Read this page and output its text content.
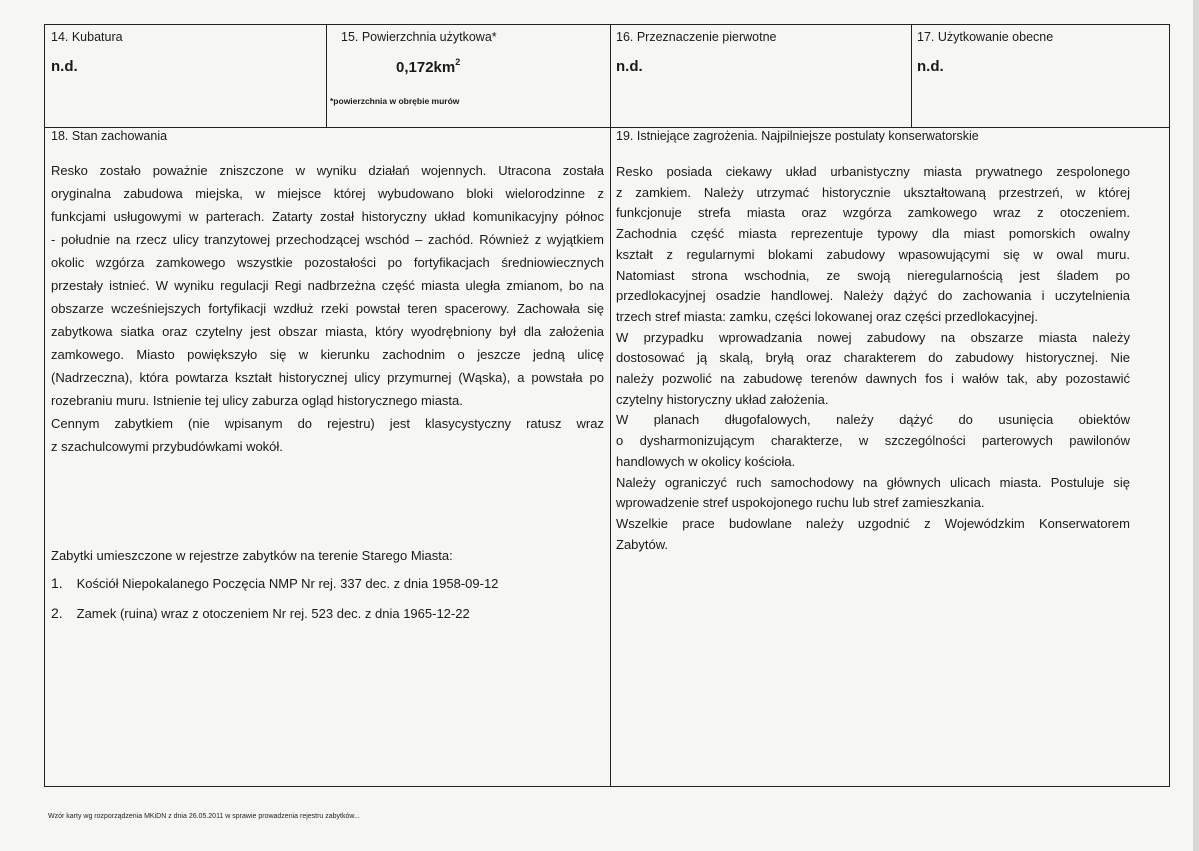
14. Kubatura
n.d.
15. Powierzchnia użytkowa*
$0,172km^2$
*powierzchnia w obrębie murów
16. Przeznaczenie pierwotne
n.d.
17. Użytkowanie obecne
n.d.
18. Stan zachowania
Resko zostało poważnie zniszczone w wyniku działań wojennych. Utracona została
oryginalna zabudowa miejska, w miejsce której wybudowano bloki wielorodzinne z
funkcjami usługowymi w parterach. Zatarty został historyczny układ komunikacyjny północ
- południe na rzecz ulicy tranzytowej przechodzącej wschód – zachód. Również z wyjątkiem
okolic wzgórza zamkowego wszystkie pozostałości po fortyfikacjach średniowiecznych
przestały istnieć. W wyniku regulacji Regi nadbrzeżna część miasta uległa zmianom, bo na
obszarze wcześniejszych fortyfikacji wzdłuż rzeki powstał teren spacerowy. Zachowała się
zabytkowa siatka oraz czytelny jest obszar miasta, który wyodrębniony był dla założenia
zamkowego. Miasto powiększyło się w kierunku zachodnim o jeszcze jedną ulicę
(Nadrzeczna), która powtarza kształt historycznej ulicy przymurnej (Wąska), a powstała po
rozebraniu muru. Istnienie tej ulicy zaburza ogląd historycznego miasta.
Cennym zabytkiem (nie wpisanym do rejestru) jest klasycystyczny ratusz wraz
z szachulcowymi przybudówkami wokół.
Zabytki umieszczone w rejestrze zabytków na terenie Starego Miasta:
1. Kościół Niepokalanego Poczęcia NMP Nr rej. 337 dec. z dnia 1958-09-12
2. Zamek (ruina) wraz z otoczeniem Nr rej. 523 dec. z dnia 1965-12-22
19. Istniejące zagrożenia. Najpilniejsze postulaty konserwatorskie
Resko posiada ciekawy układ urbanistyczny miasta prywatnego zespolonego
z zamkiem. Należy utrzymać historycznie ukształtowaną przestrzeń, w której
funkcjonuje strefa miasta oraz wzgórza zamkowego wraz z otoczeniem.
Zachodnia część miasta reprezentuje typowy dla miast pomorskich owalny
kształt z regularnymi blokami zabudowy wpasowującymi się w owal muru.
Natomiast strona wschodnia, ze swoją nieregularnością jest śladem po
przedlokacyjnej osadzie handlowej. Należy dążyć do zachowania i uczytelnienia
trzech stref miasta: zamku, części lokowanej oraz części przedlokacyjnej.
W przypadku wprowadzania nowej zabudowy na obszarze miasta należy
dostosować ją skalą, bryłą oraz charakterem do zabudowy historycznej. Nie
należy pozwolić na zabudowę terenów dawnych fos i wałów tak, aby pozostawić
czytelny historyczny układ założenia.
W planach długofalowych, należy dążyć do usunięcia obiektów
o dysharmonizującym charakterze, w szczególności parterowych pawilonów
handlowych w okolicy kościoła.
Należy ograniczyć ruch samochodowy na głównych ulicach miasta. Postuluje się
wprowadzenie stref uspokojonego ruchu lub stref zamieszkania.
Wszelkie prace budowlane należy uzgodnić z Wojewódzkim Konserwatorem
Zabytów.
Wzór karty wg rozporządzenia MKiDN z dnia 26.05.2011 w sprawie prowadzenia rejestru zabytków...
